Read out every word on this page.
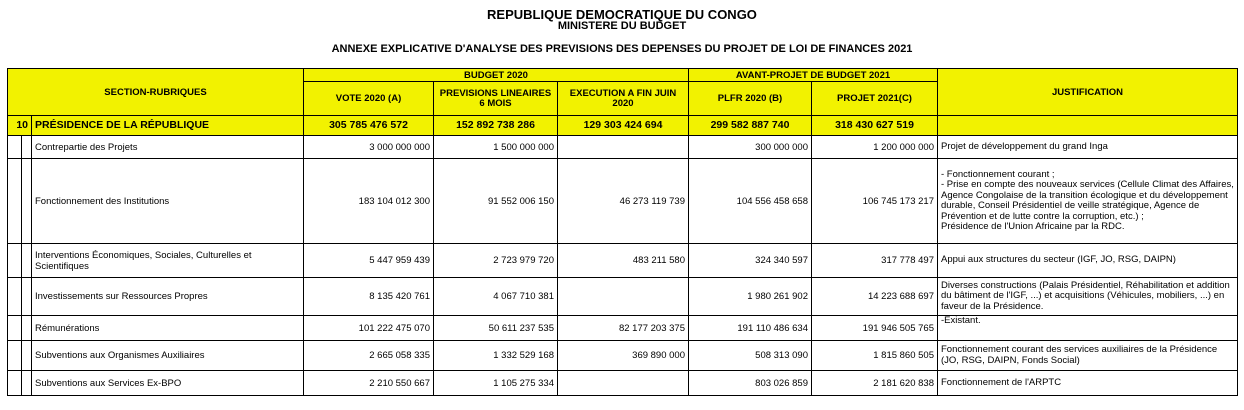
REPUBLIQUE DEMOCRATIQUE DU CONGO
MINISTERE DU BUDGET
ANNEXE EXPLICATIVE D'ANALYSE DES PREVISIONS DES DEPENSES DU PROJET DE LOI DE FINANCES 2021
SECTION-RUBRIQUES			BUDGET 2020			AVANT-PROJET DE BUDGET 2021		JUSTIFICATION
			VOTE 2020 (A)	PREVISIONS LINEAIRES 6 MOIS	EXECUTION A FIN JUIN 2020	PLFR 2020 (B)	PROJET 2021(C)	
10		PRÉSIDENCE DE LA RÉPUBLIQUE	305 785 476 572	152 892 738 286	129 303 424 694	299 582 887 740	318 430 627 519	
		Contrepartie des Projets	3 000 000 000	1 500 000 000		300 000 000	1 200 000 000	Projet de développement du grand Inga

		Fonctionnement des Institutions	183 104 012 300	91 552 006 150	46 273 119 739	104 556 458 658	106 745 173 217	- Fonctionnement courant ;
- Prise en compte des nouveaux services (Cellule Climat des Affaires, Agence Congolaise de la transition écologique et du développement durable, Conseil Présidentiel de veille stratégique, Agence de Prévention et de lutte contre la corruption, etc.) ;
Présidence de l'Union Africaine par la RDC.

		Interventions Économiques, Sociales, Culturelles et Scientifiques	5 447 959 439	2 723 979 720	483 211 580	324 340 597	317 778 497	Appui aux structures du secteur (IGF, JO, RSG, DAIPN)

		Investissements sur Ressources Propres	8 135 420 761	4 067 710 381		1 980 261 902	14 223 688 697	Diverses constructions (Palais Présidentiel, Réhabilitation et addition du bâtiment de l'IGF, ...) et acquisitions (Véhicules, mobiliers, ...) en faveur de la Présidence.

		Rémunérations	101 222 475 070	50 611 237 535	82 177 203 375	191 110 486 634	191 946 505 765	-Existant.

		Subventions aux Organismes Auxiliaires	2 665 058 335	1 332 529 168	369 890 000	508 313 090	1 815 860 505	Fonctionnement courant des services auxiliaires de la Présidence (JO, RSG, DAIPN, Fonds Social)

		Subventions aux Services Ex-BPO	2 210 550 667	1 105 275 334		803 026 859	2 181 620 838	Fonctionnement de l'ARPTC
